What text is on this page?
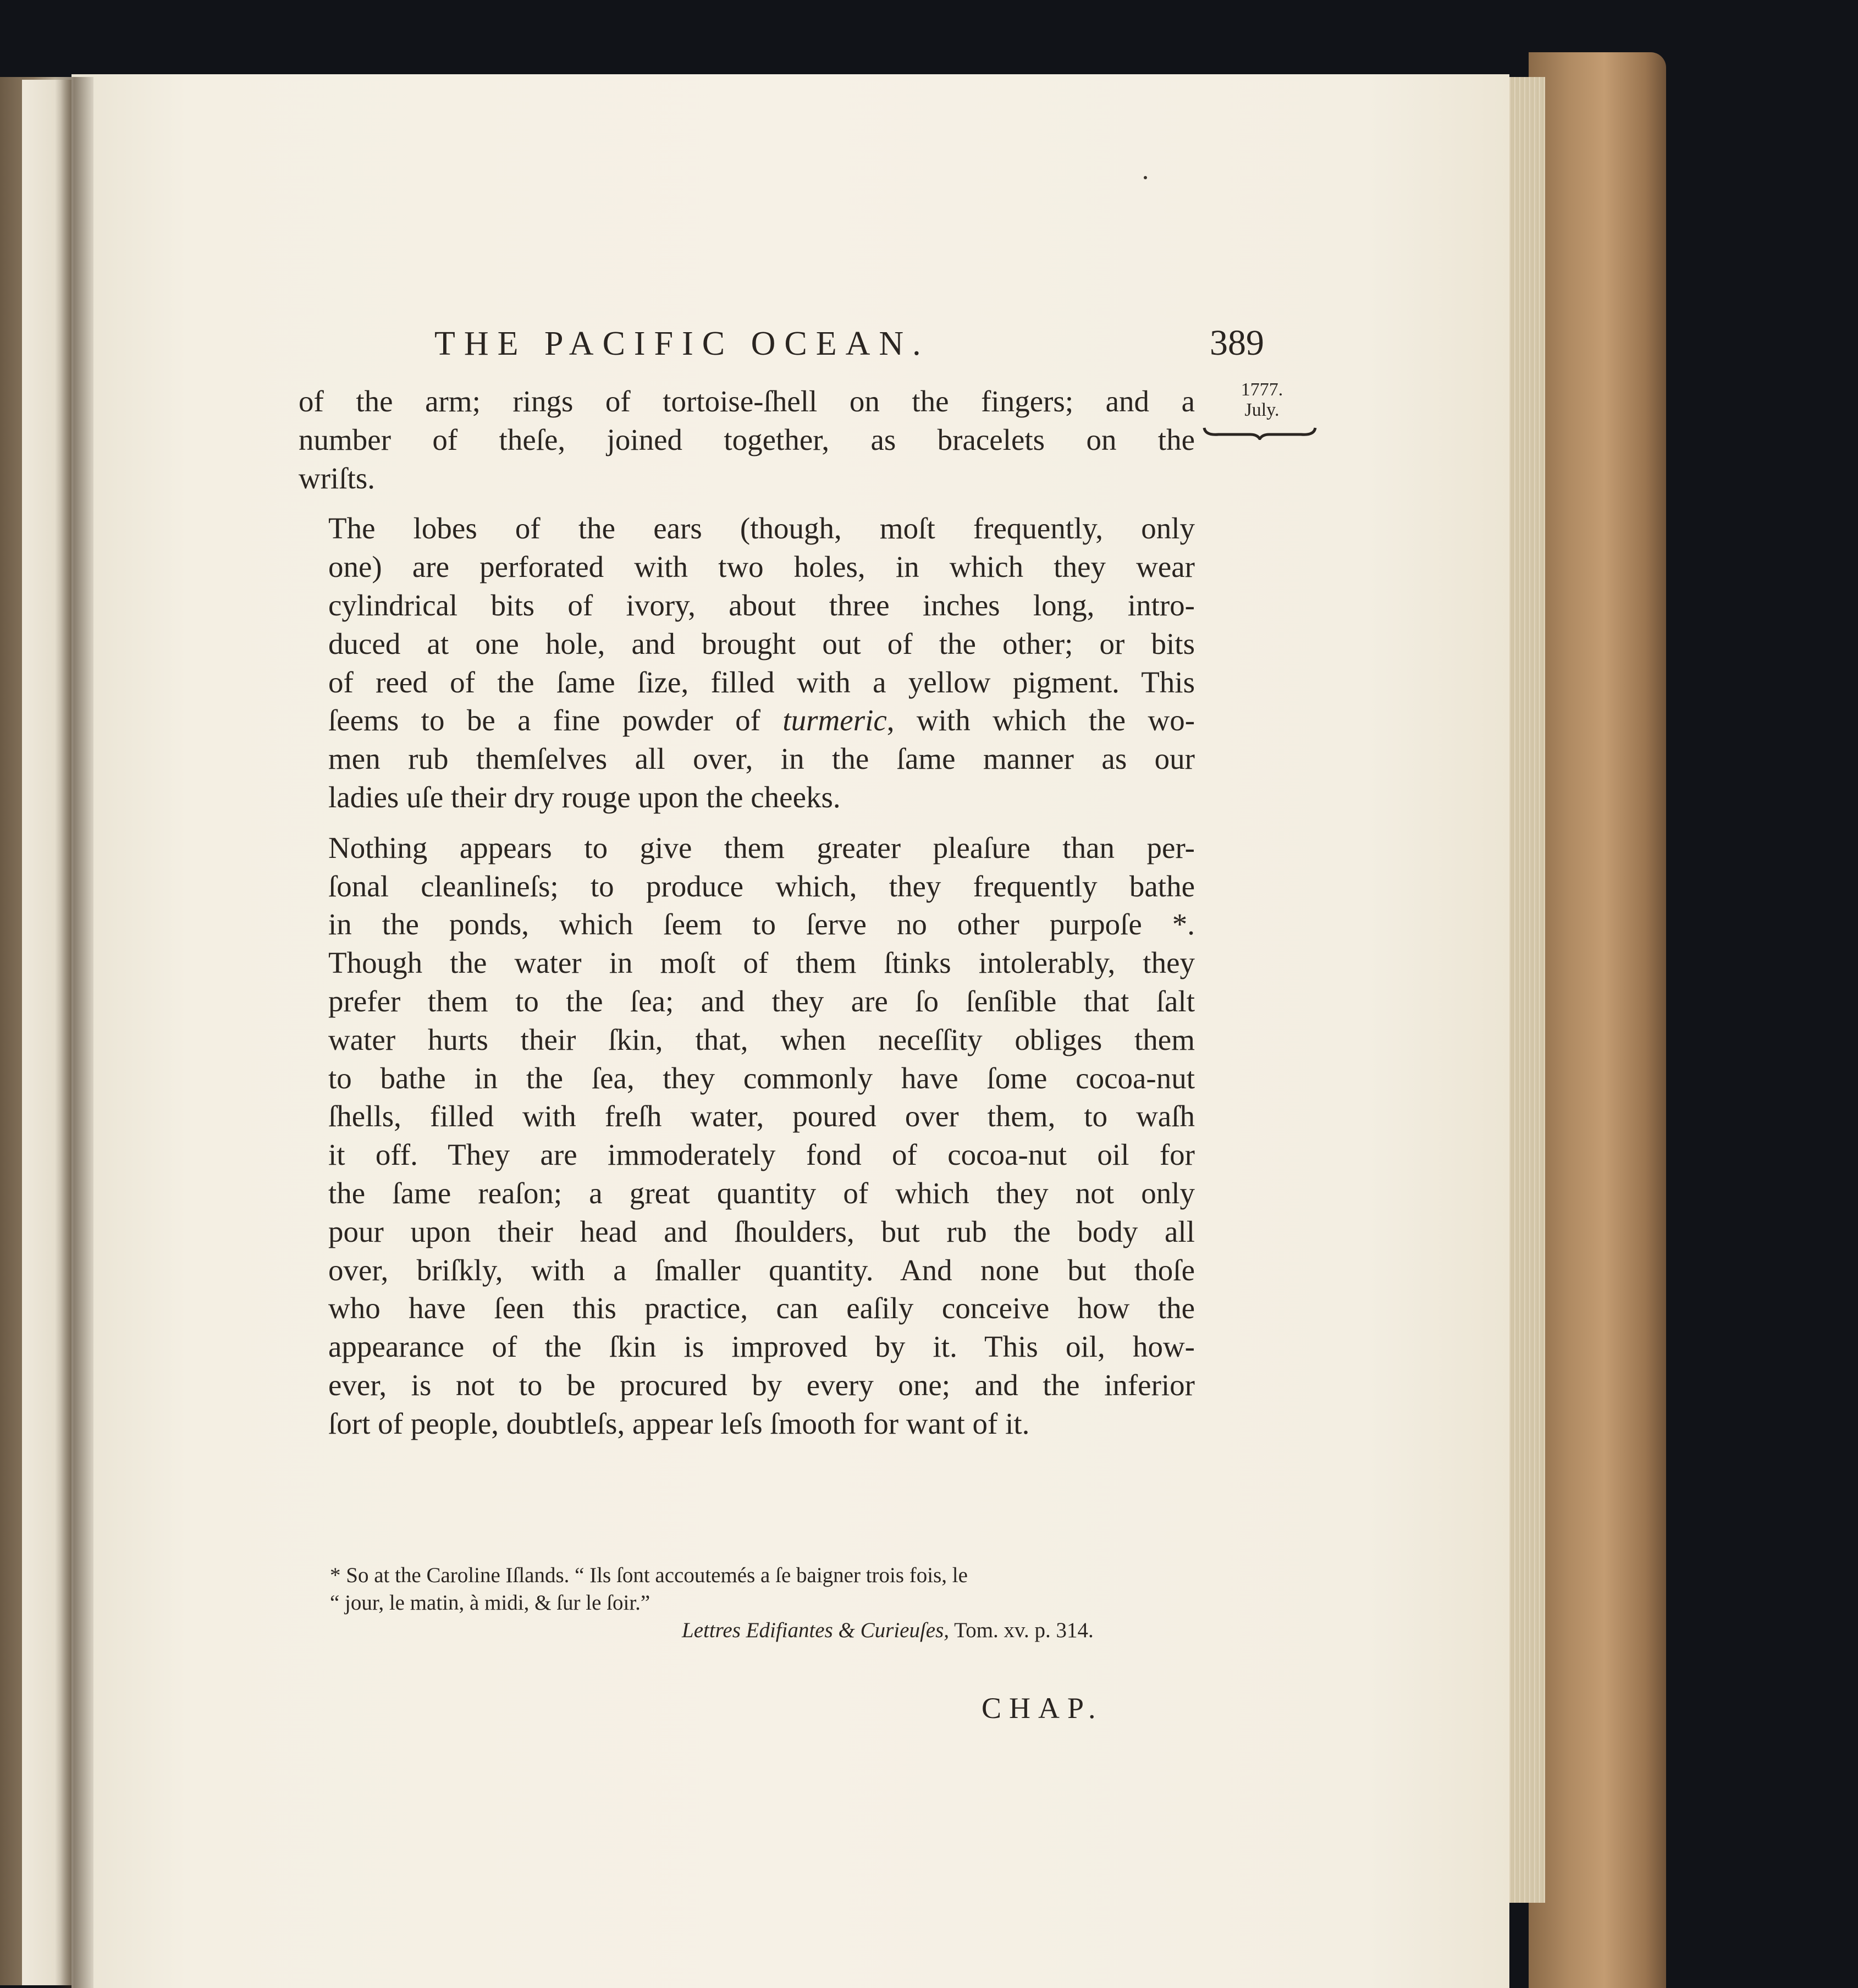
THE PACIFIC OCEAN.	389
1777.
July.

of the arm; rings of tortoise-ſhell on the fingers; and a
number of theſe, joined together, as bracelets on the
wriſts.

The lobes of the ears (though, moſt frequently, only
one) are perforated with two holes, in which they wear
cylindrical bits of ivory, about three inches long, intro-
duced at one hole, and brought out of the other; or bits
of reed of the ſame ſize, filled with a yellow pigment. This
ſeems to be a fine powder of turmeric, with which the wo-
men rub themſelves all over, in the ſame manner as our
ladies uſe their dry rouge upon the cheeks.

Nothing appears to give them greater pleaſure than per-
ſonal cleanlineſs; to produce which, they frequently bathe
in the ponds, which ſeem to ſerve no other purpoſe *.
Though the water in moſt of them ſtinks intolerably, they
prefer them to the ſea; and they are ſo ſenſible that ſalt
water hurts their ſkin, that, when neceſſity obliges them
to bathe in the ſea, they commonly have ſome cocoa-nut
ſhells, filled with freſh water, poured over them, to waſh
it off. They are immoderately fond of cocoa-nut oil for
the ſame reaſon; a great quantity of which they not only
pour upon their head and ſhoulders, but rub the body all
over, briſkly, with a ſmaller quantity. And none but thoſe
who have ſeen this practice, can eaſily conceive how the
appearance of the ſkin is improved by it. This oil, how-
ever, is not to be procured by every one; and the inferior
ſort of people, doubtleſs, appear leſs ſmooth for want of it.

* So at the Caroline Iſlands. “ Ils ſont accoutemés a ſe baigner trois fois, le
“ jour, le matin, à midi, & ſur le ſoir.”
Lettres Edifiantes & Curieuſes, Tom. xv. p. 314.
CHAP.
